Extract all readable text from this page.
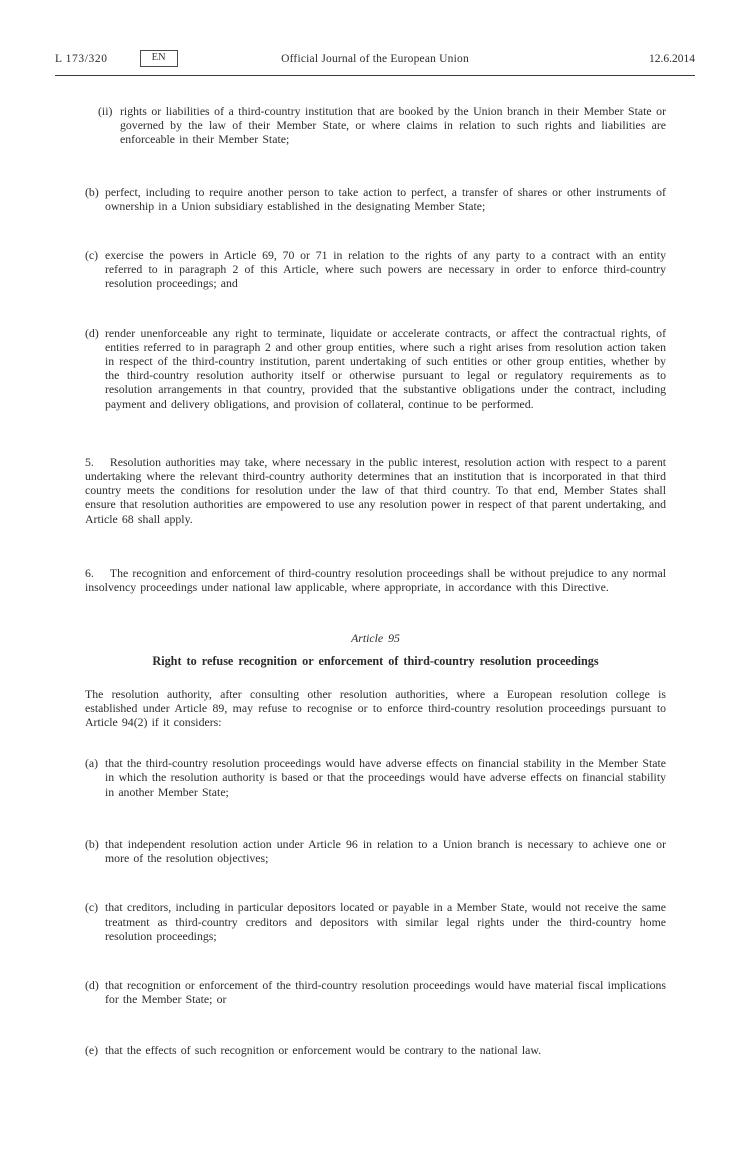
L 173/320	EN	Official Journal of the European Union	12.6.2014
(ii) rights or liabilities of a third-country institution that are booked by the Union branch in their Member State or governed by the law of their Member State, or where claims in relation to such rights and liabilities are enforceable in their Member State;
(b) perfect, including to require another person to take action to perfect, a transfer of shares or other instruments of ownership in a Union subsidiary established in the designating Member State;
(c) exercise the powers in Article 69, 70 or 71 in relation to the rights of any party to a contract with an entity referred to in paragraph 2 of this Article, where such powers are necessary in order to enforce third-country resolution proceedings; and
(d) render unenforceable any right to terminate, liquidate or accelerate contracts, or affect the contractual rights, of entities referred to in paragraph 2 and other group entities, where such a right arises from resolution action taken in respect of the third-country institution, parent undertaking of such entities or other group entities, whether by the third-country resolution authority itself or otherwise pursuant to legal or regulatory requirements as to resolution arrangements in that country, provided that the substantive obligations under the contract, including payment and delivery obligations, and provision of collateral, continue to be performed.
5. Resolution authorities may take, where necessary in the public interest, resolution action with respect to a parent undertaking where the relevant third-country authority determines that an institution that is incorporated in that third country meets the conditions for resolution under the law of that third country. To that end, Member States shall ensure that resolution authorities are empowered to use any resolution power in respect of that parent undertaking, and Article 68 shall apply.
6. The recognition and enforcement of third-country resolution proceedings shall be without prejudice to any normal insolvency proceedings under national law applicable, where appropriate, in accordance with this Directive.
Article 95
Right to refuse recognition or enforcement of third-country resolution proceedings
The resolution authority, after consulting other resolution authorities, where a European resolution college is established under Article 89, may refuse to recognise or to enforce third-country resolution proceedings pursuant to Article 94(2) if it considers:
(a) that the third-country resolution proceedings would have adverse effects on financial stability in the Member State in which the resolution authority is based or that the proceedings would have adverse effects on financial stability in another Member State;
(b) that independent resolution action under Article 96 in relation to a Union branch is necessary to achieve one or more of the resolution objectives;
(c) that creditors, including in particular depositors located or payable in a Member State, would not receive the same treatment as third-country creditors and depositors with similar legal rights under the third-country home resolution proceedings;
(d) that recognition or enforcement of the third-country resolution proceedings would have material fiscal implications for the Member State; or
(e) that the effects of such recognition or enforcement would be contrary to the national law.
